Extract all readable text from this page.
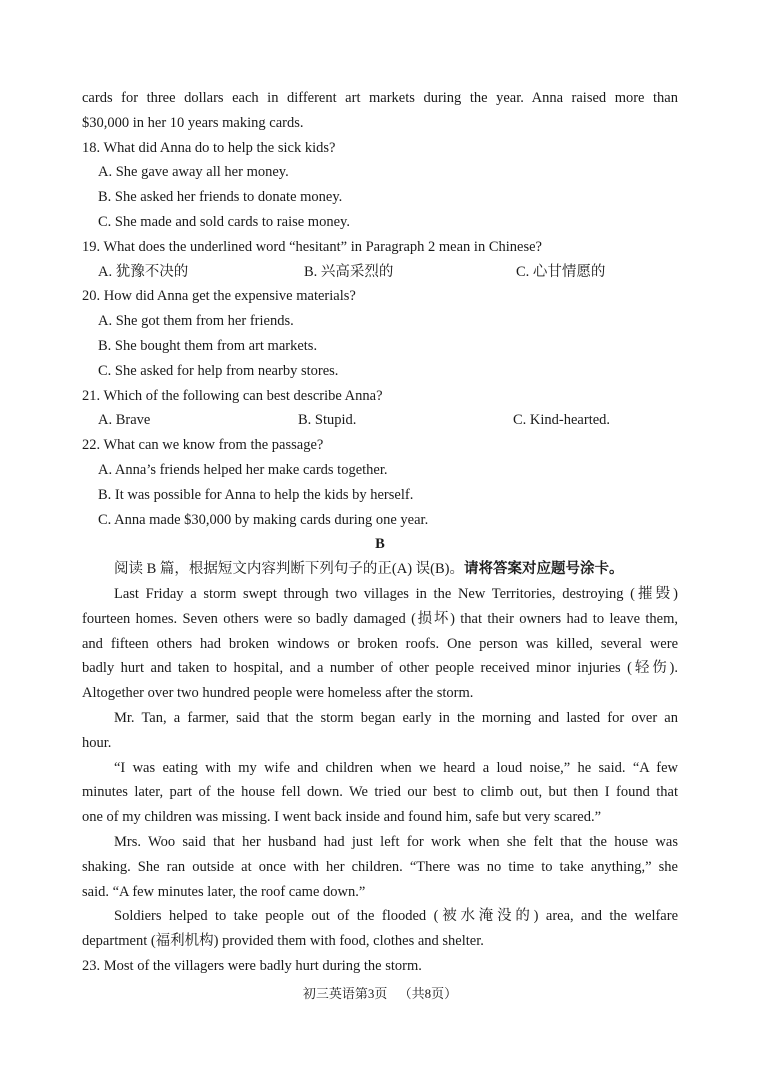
cards for three dollars each in different art markets during the year. Anna raised more than
$30,000 in her 10 years making cards.
18. What did Anna do to help the sick kids?
A. She gave away all her money.
B. She asked her friends to donate money.
C. She made and sold cards to raise money.
19. What does the underlined word “hesitant” in Paragraph 2 mean in Chinese?
A. 犹豫不决的	B. 兴高采烈的	C. 心甘情愿的
20. How did Anna get the expensive materials?
A. She got them from her friends.
B. She bought them from art markets.
C. She asked for help from nearby stores.
21. Which of the following can best describe Anna?
A. Brave	B. Stupid.	C. Kind-hearted.
22. What can we know from the passage?
A. Anna’s friends helped her make cards together.
B. It was possible for Anna to help the kids by herself.
C. Anna made $30,000 by making cards during one year.
B
阅读 B 篇，根据短文内容判断下列句子的正(A) 误(B)。请将答案对应题号涂卡。
Last Friday a storm swept through two villages in the New Territories, destroying (摧毁)
fourteen homes. Seven others were so badly damaged (损坏) that their owners had to leave them,
and fifteen others had broken windows or broken roofs. One person was killed, several were
badly hurt and taken to hospital, and a number of other people received minor injuries (轻伤).
Altogether over two hundred people were homeless after the storm.
Mr. Tan, a farmer, said that the storm began early in the morning and lasted for over an
hour.
“I was eating with my wife and children when we heard a loud noise,” he said. “A few
minutes later, part of the house fell down. We tried our best to climb out, but then I found that
one of my children was missing. I went back inside and found him, safe but very scared.”
Mrs. Woo said that her husband had just left for work when she felt that the house was
shaking. She ran outside at once with her children. “There was no time to take anything,” she
said. “A few minutes later, the roof came down.”
Soldiers helped to take people out of the flooded (被水淹没的) area, and the welfare
department (福利机构) provided them with food, clothes and shelter.
23. Most of the villagers were badly hurt during the storm.
初三英语第3页 （共8页）
